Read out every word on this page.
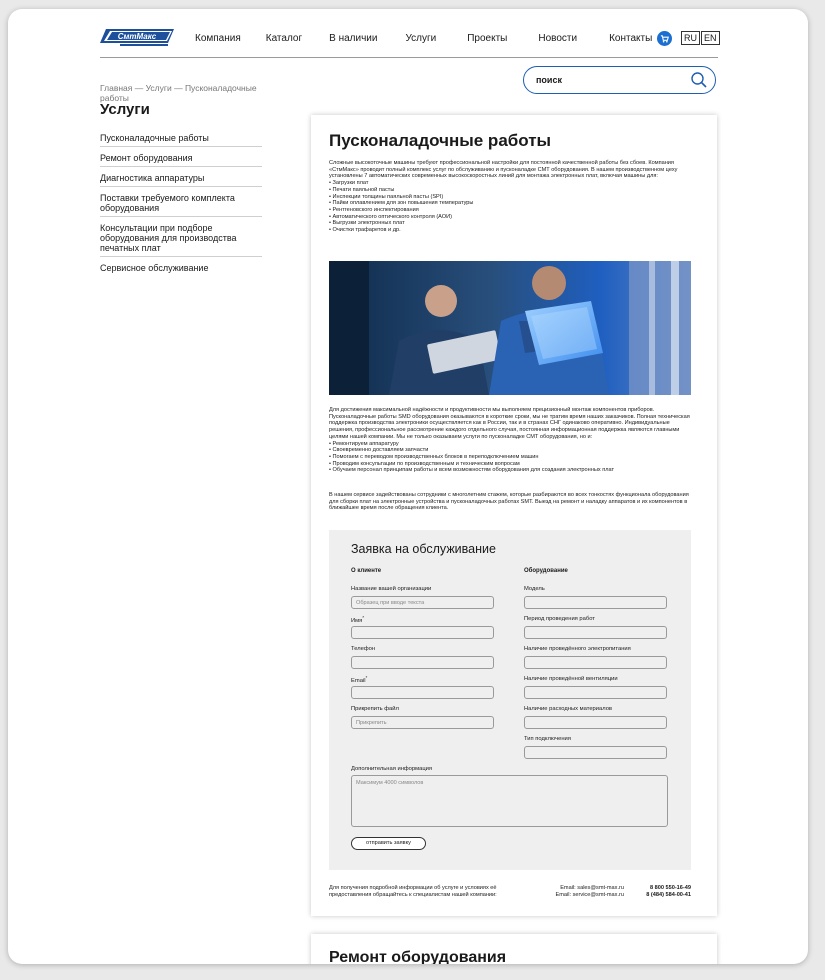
СмтМакс	Компания	Каталог	В наличии	Услуги	Проекты	Новости	Контакты	RU EN
поиск
Главная — Услуги — Пусконаладочные работы
Услуги
Пусконаладочные работы
Ремонт оборудования
Диагностика аппаратуры
Поставки требуемого комплекта оборудования
Консультации при подборе оборудования для производства печатных плат
Сервисное обслуживание
Пусконаладочные работы
Сложные высокоточные машины требуют профессиональной настройки для постоянной качественной работы без сбоев. Компания «СтмМакс» проводит полный комплекс услуг по обслуживанию и пусконаладке СМТ оборудования. В нашем производственном цеху установлены 7 автоматических современных высокоскоростных линий для монтажа электронных плат, включая машины для:
• Загрузки плат
• Печати паяльной пасты
• Инспекции толщины паяльной пасты (SPI)
• Пайки оплавлением для зон повышения температуры
• Рентгеновского инспектирования
• Автоматического оптического контроля (АОИ)
• Выгрузки электронных плат
• Очистки трафаретов и др.
Для достижения максимальной надёжности и продуктивности мы выполняем прецизионный монтаж компонентов приборов. Пусконаладочные работы SMD оборудования оказываются в короткие сроки, мы не тратим время наших заказчиков. Полная техническая поддержка производства электроники осуществляется как в России, так и в странах СНГ одинаково оперативно. Индивидуальные решения, профессиональное рассмотрение каждого отдельного случая, постоянная информационная поддержка являются главными целями нашей компании. Мы не только оказываем услуги по пусконаладке СМТ оборудования, но и:
• Ремонтируем аппаратуру
• Своевременно доставляем запчасти
• Помогаем с переводом производственных блоков в переподключением машин
• Проводим консультации по производственным и техническим вопросам
• Обучаем персонал принципам работы и всем возможностям оборудования для создания электронных плат
В нашем сервисе задействованы сотрудники с многолетним стажем, которые разбираются во всех тонкостях функционала оборудования для сборки плат на электронные устройства и пусконаладочных работах SMT. Выезд на ремонт и наладку аппаратов и их компонентов в ближайшее время после обращения клиента.
Заявка на обслуживание
О клиенте	Оборудование
Название вашей организации
Образец при вводе текста
Имя*
Телефон
Email*
Прикрепить файл
Прикрепить
Модель
Период проведения работ
Наличие проведённого электропитания
Наличие проведённой вентиляции
Наличие расходных материалов
Тип подключения
Дополнительная информация
Максимум 4000 символов
отправить заявку
Для получения подробной информации об услуге и условиях её предоставления обращайтесь к специалистам нашей компании:
Email: sales@smt-max.ru
Email: service@smt-max.ru
8 800 550-16-49
8 (484) 584-00-41
Ремонт оборудования
